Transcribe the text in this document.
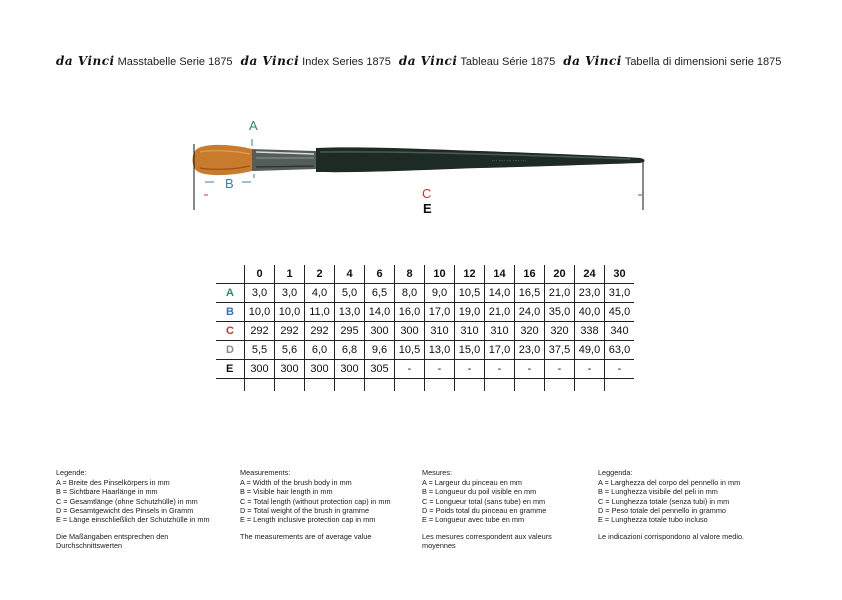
da Vinci Masstabelle Serie 1875 da Vinci Index Series 1875 da Vinci Tableau Série 1875 da Vinci Tabella di dimensioni serie 1875
··· ···· ··· ···· ···
A
B
C
E
	0	1	2	4	6	8	10	12	14	16	20	24	30
A	3,0	3,0	4,0	5,0	6,5	8,0	9,0	10,5	14,0	16,5	21,0	23,0	31,0
B	10,0	10,0	11,0	13,0	14,0	16,0	17,0	19,0	21,0	24,0	35,0	40,0	45,0
C	292	292	292	295	300	300	310	310	310	320	320	338	340
D	5,5	5,6	6,0	6,8	9,6	10,5	13,0	15,0	17,0	23,0	37,5	49,0	63,0
E	300	300	300	300	305	-	-	-	-	-	-	-	-

Legende:
A = Breite des Pinselkörpers in mm
B = Sichtbare Haarlänge in mm
C = Gesamtlänge (ohne Schutzhülle) in mm
D = Gesamtgewicht des Pinsels in Gramm
E = Länge einschließlich der Schutzhülle in mm
Die Maßangaben entsprechen den
Durchschnittswerten
Measurements:
A = Width of the brush body in mm
B = Visible hair length in mm
C = Total length (without protection cap) in mm
D = Total weight of the brush in gramme
E = Length inclusive protection cap in mm
The measurements are of average value
Mesures:
A = Largeur du pinceau en mm
B = Longueur du poil visible en mm
C = Longueur total (sans tube) en mm
D = Poids total du pinceau en gramme
E = Longueur avec tube en mm
Les mesures correspondent aux valeurs
moyennes
Leggenda:
A = Larghezza del corpo del pennello in mm
B = Lunghezza visibile del peli in mm
C = Lunghezza totale (senza tubi) in mm
D = Peso totale del pennello in grammo
E = Lunghezza totale tubo incluso
Le indicazioni corrispondono al valore medio.
